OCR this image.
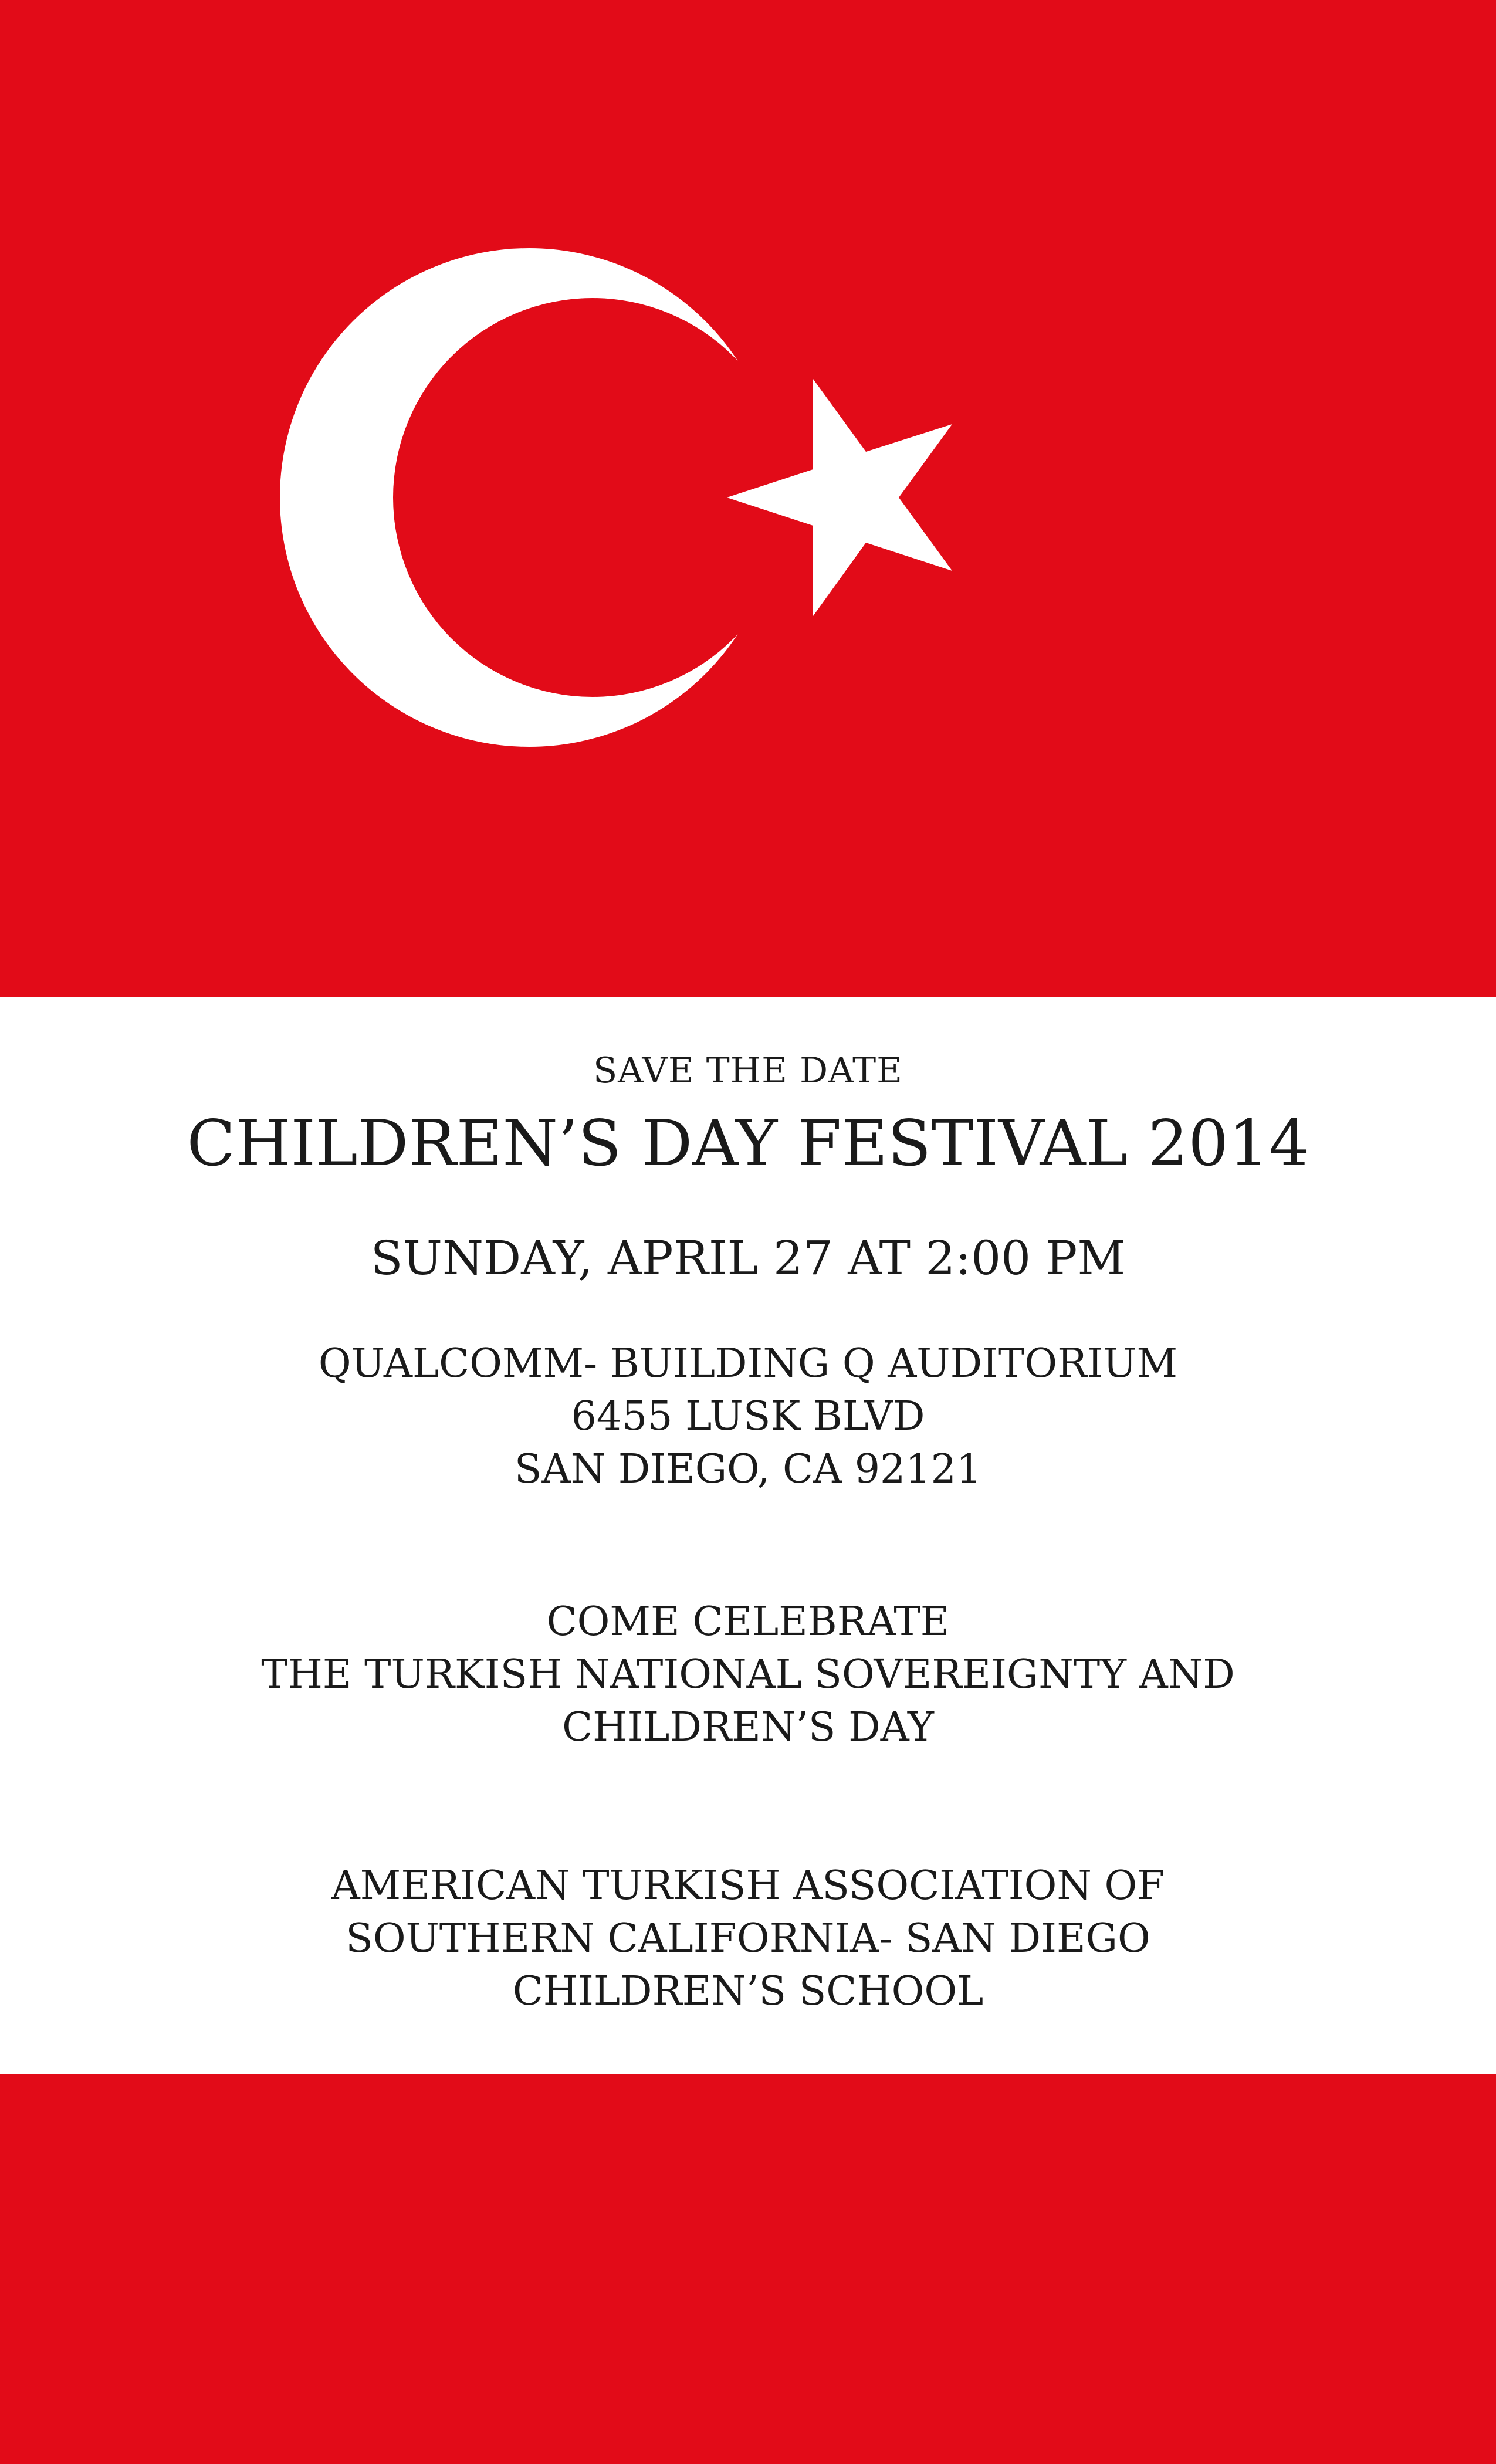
SAVE THE DATE
CHILDREN’S DAY FESTIVAL 2014
SUNDAY, APRIL 27 AT 2:00 PM
QUALCOMM- BUILDING Q AUDITORIUM
6455 LUSK BLVD
SAN DIEGO, CA 92121
COME CELEBRATE
THE TURKISH NATIONAL SOVEREIGNTY AND
CHILDREN’S DAY
AMERICAN TURKISH ASSOCIATION OF
SOUTHERN CALIFORNIA- SAN DIEGO
CHILDREN’S SCHOOL
